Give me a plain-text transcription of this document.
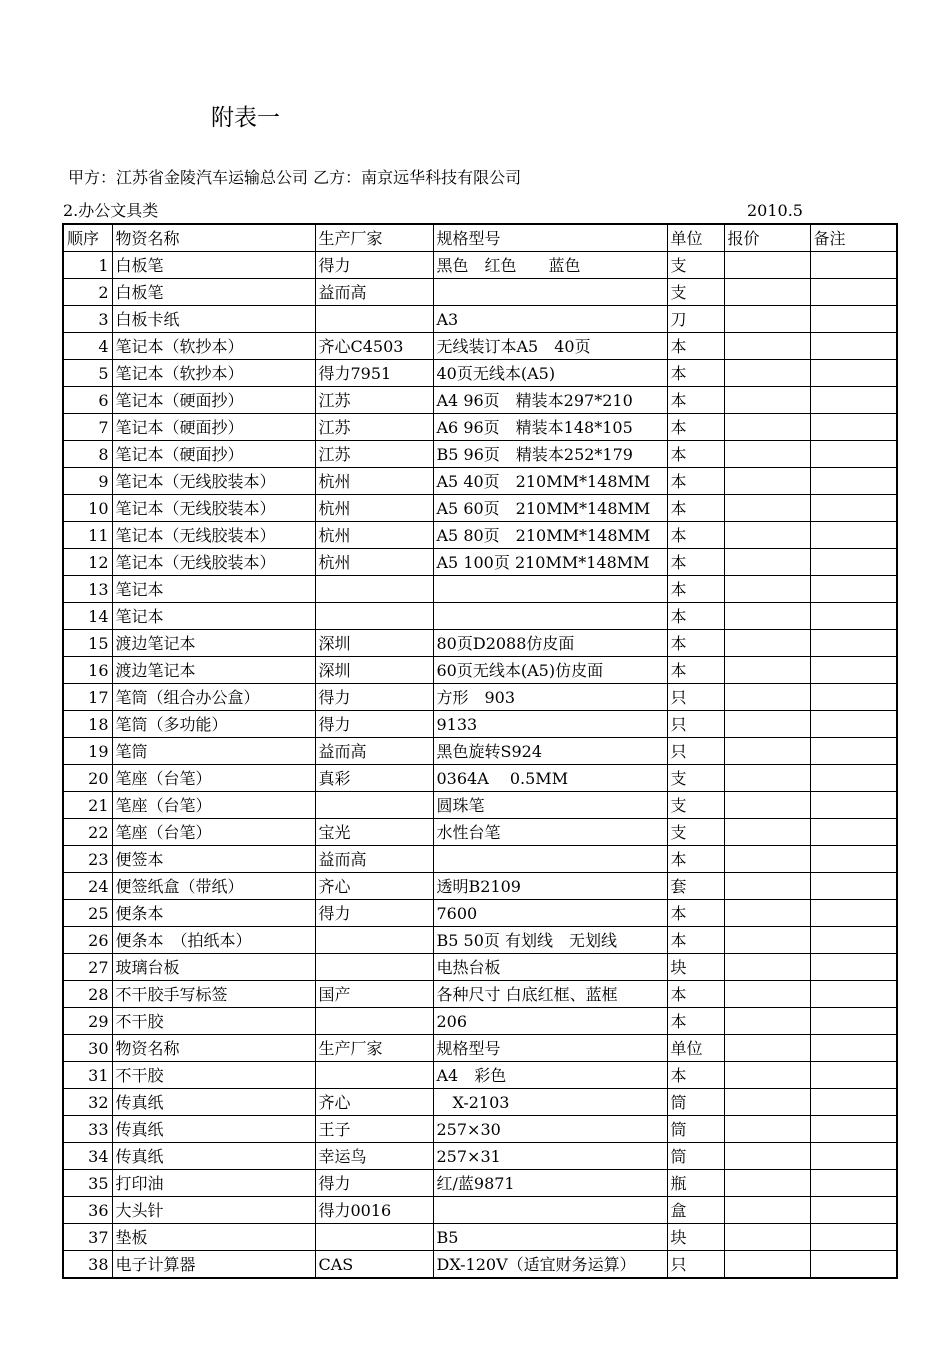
附表一
甲方：江苏省金陵汽车运输总公司 乙方：南京远华科技有限公司
2.办公文具类	2010.5
顺序	物资名称	生产厂家	规格型号	单位	报价	备注
1	白板笔	得力	黑色　红色　　蓝色	支		
2	白板笔	益而高		支		
3	白板卡纸		A3	刀		
4	笔记本（软抄本）	齐心C4503	无线装订本A5　40页	本		
5	笔记本（软抄本）	得力7951	40页无线本(A5)	本		
6	笔记本（硬面抄）	江苏	A4 96页　精装本297*210	本		
7	笔记本（硬面抄）	江苏	A6 96页　精装本148*105	本		
8	笔记本（硬面抄）	江苏	B5 96页　精装本252*179	本		
9	笔记本（无线胶装本）	杭州	A5 40页　210MM*148MM	本		
10	笔记本（无线胶装本）	杭州	A5 60页　210MM*148MM	本		
11	笔记本（无线胶装本）	杭州	A5 80页　210MM*148MM	本		
12	笔记本（无线胶装本）	杭州	A5 100页 210MM*148MM	本		
13	笔记本			本		
14	笔记本			本		
15	渡边笔记本	深圳	80页D2088仿皮面	本		
16	渡边笔记本	深圳	60页无线本(A5)仿皮面	本		
17	笔筒（组合办公盒）	得力	方形　903	只		
18	笔筒（多功能）	得力	9133	只		
19	笔筒	益而高	黑色旋转S924	只		
20	笔座（台笔）	真彩	0364A　 0.5MM	支		
21	笔座（台笔）		圆珠笔	支		
22	笔座（台笔）	宝光	水性台笔	支		
23	便签本	益而高		本		
24	便签纸盒（带纸）	齐心	透明B2109	套		
25	便条本	得力	7600	本		
26	便条本　（拍纸本）		B5 50页 有划线　无划线	本		
27	玻璃台板		电热台板	块		
28	不干胶手写标签	国产	各种尺寸 白底红框、蓝框	本		
29	不干胶		206	本		
30	物资名称	生产厂家	规格型号	单位		
31	不干胶		A4　彩色	本		
32	传真纸	齐心	　X-2103	筒		
33	传真纸	王子	257×30	筒		
34	传真纸	幸运鸟	257×31	筒		
35	打印油	得力	红/蓝9871	瓶		
36	大头针	得力0016		盒		
37	垫板		B5	块		
38	电子计算器	CAS	DX-120V（适宜财务运算）	只		
